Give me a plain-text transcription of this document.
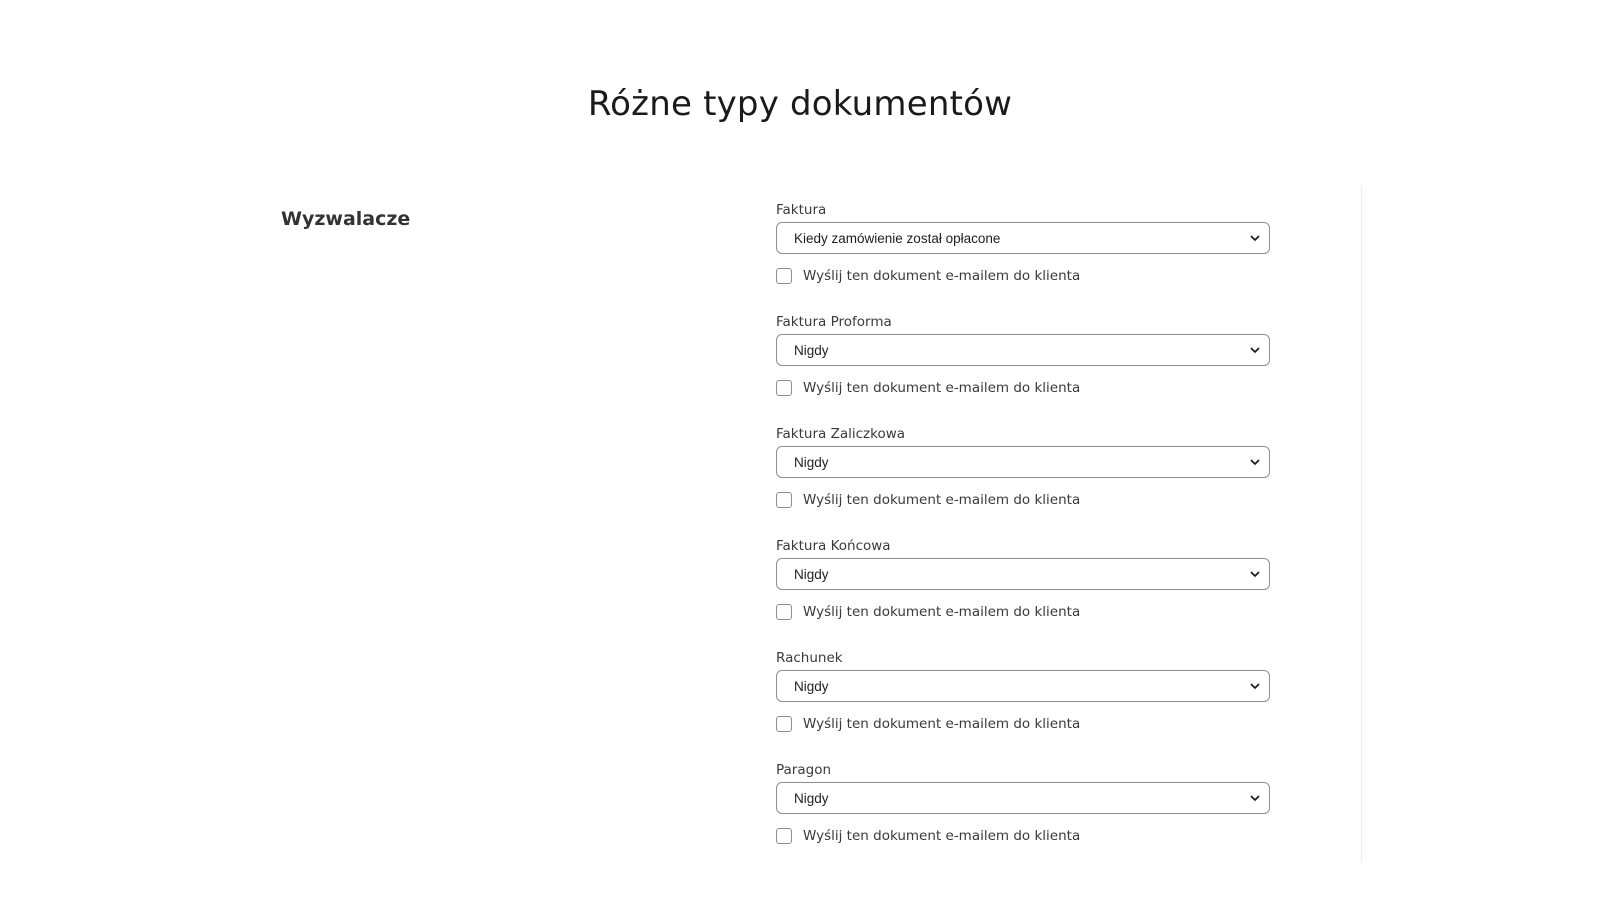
Różne typy dokumentów
Wyzwalacze	Faktura
Kiedy zamówienie został opłacone
Wyślij ten dokument e-mailem do klienta
Faktura Proforma
Nigdy
Wyślij ten dokument e-mailem do klienta
Faktura Zaliczkowa
Nigdy
Wyślij ten dokument e-mailem do klienta
Faktura Końcowa
Nigdy
Wyślij ten dokument e-mailem do klienta
Rachunek
Nigdy
Wyślij ten dokument e-mailem do klienta
Paragon
Nigdy
Wyślij ten dokument e-mailem do klienta
